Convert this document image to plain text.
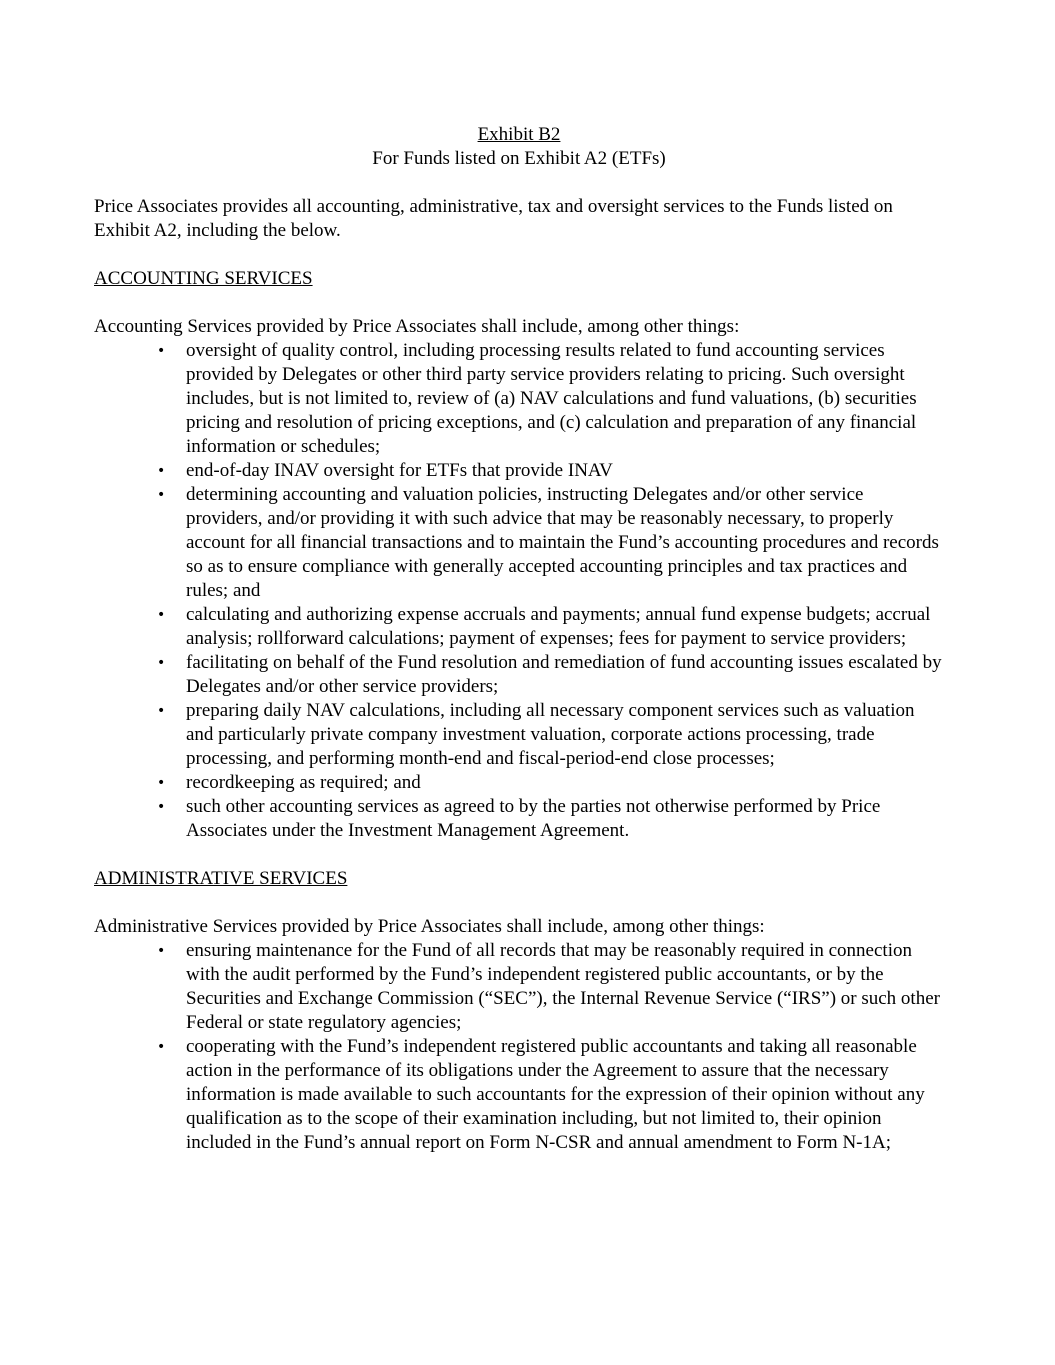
Exhibit B2

For Funds listed on Exhibit A2 (ETFs)

Price Associates provides all accounting, administrative, tax and oversight services to the Funds listed on Exhibit A2, including the below.

ACCOUNTING SERVICES

Accounting Services provided by Price Associates shall include, among other things:

• oversight of quality control, including processing results related to fund accounting services provided by Delegates or other third party service providers relating to pricing. Such oversight includes, but is not limited to, review of (a) NAV calculations and fund valuations, (b) securities pricing and resolution of pricing exceptions, and (c) calculation and preparation of any financial information or schedules;
• end-of-day INAV oversight for ETFs that provide INAV
• determining accounting and valuation policies, instructing Delegates and/or other service providers, and/or providing it with such advice that may be reasonably necessary, to properly account for all financial transactions and to maintain the Fund’s accounting procedures and records so as to ensure compliance with generally accepted accounting principles and tax practices and rules; and
• calculating and authorizing expense accruals and payments; annual fund expense budgets; accrual analysis; rollforward calculations; payment of expenses; fees for payment to service providers;
• facilitating on behalf of the Fund resolution and remediation of fund accounting issues escalated by Delegates and/or other service providers;
• preparing daily NAV calculations, including all necessary component services such as valuation and particularly private company investment valuation, corporate actions processing, trade processing, and performing month-end and fiscal-period-end close processes;
• recordkeeping as required; and
• such other accounting services as agreed to by the parties not otherwise performed by Price Associates under the Investment Management Agreement.

ADMINISTRATIVE SERVICES

Administrative Services provided by Price Associates shall include, among other things:

• ensuring maintenance for the Fund of all records that may be reasonably required in connection with the audit performed by the Fund’s independent registered public accountants, or by the Securities and Exchange Commission (“SEC”), the Internal Revenue Service (“IRS”) or such other Federal or state regulatory agencies;
• cooperating with the Fund’s independent registered public accountants and taking all reasonable action in the performance of its obligations under the Agreement to assure that the necessary information is made available to such accountants for the expression of their opinion without any qualification as to the scope of their examination including, but not limited to, their opinion included in the Fund’s annual report on Form N-CSR and annual amendment to Form N-1A;
